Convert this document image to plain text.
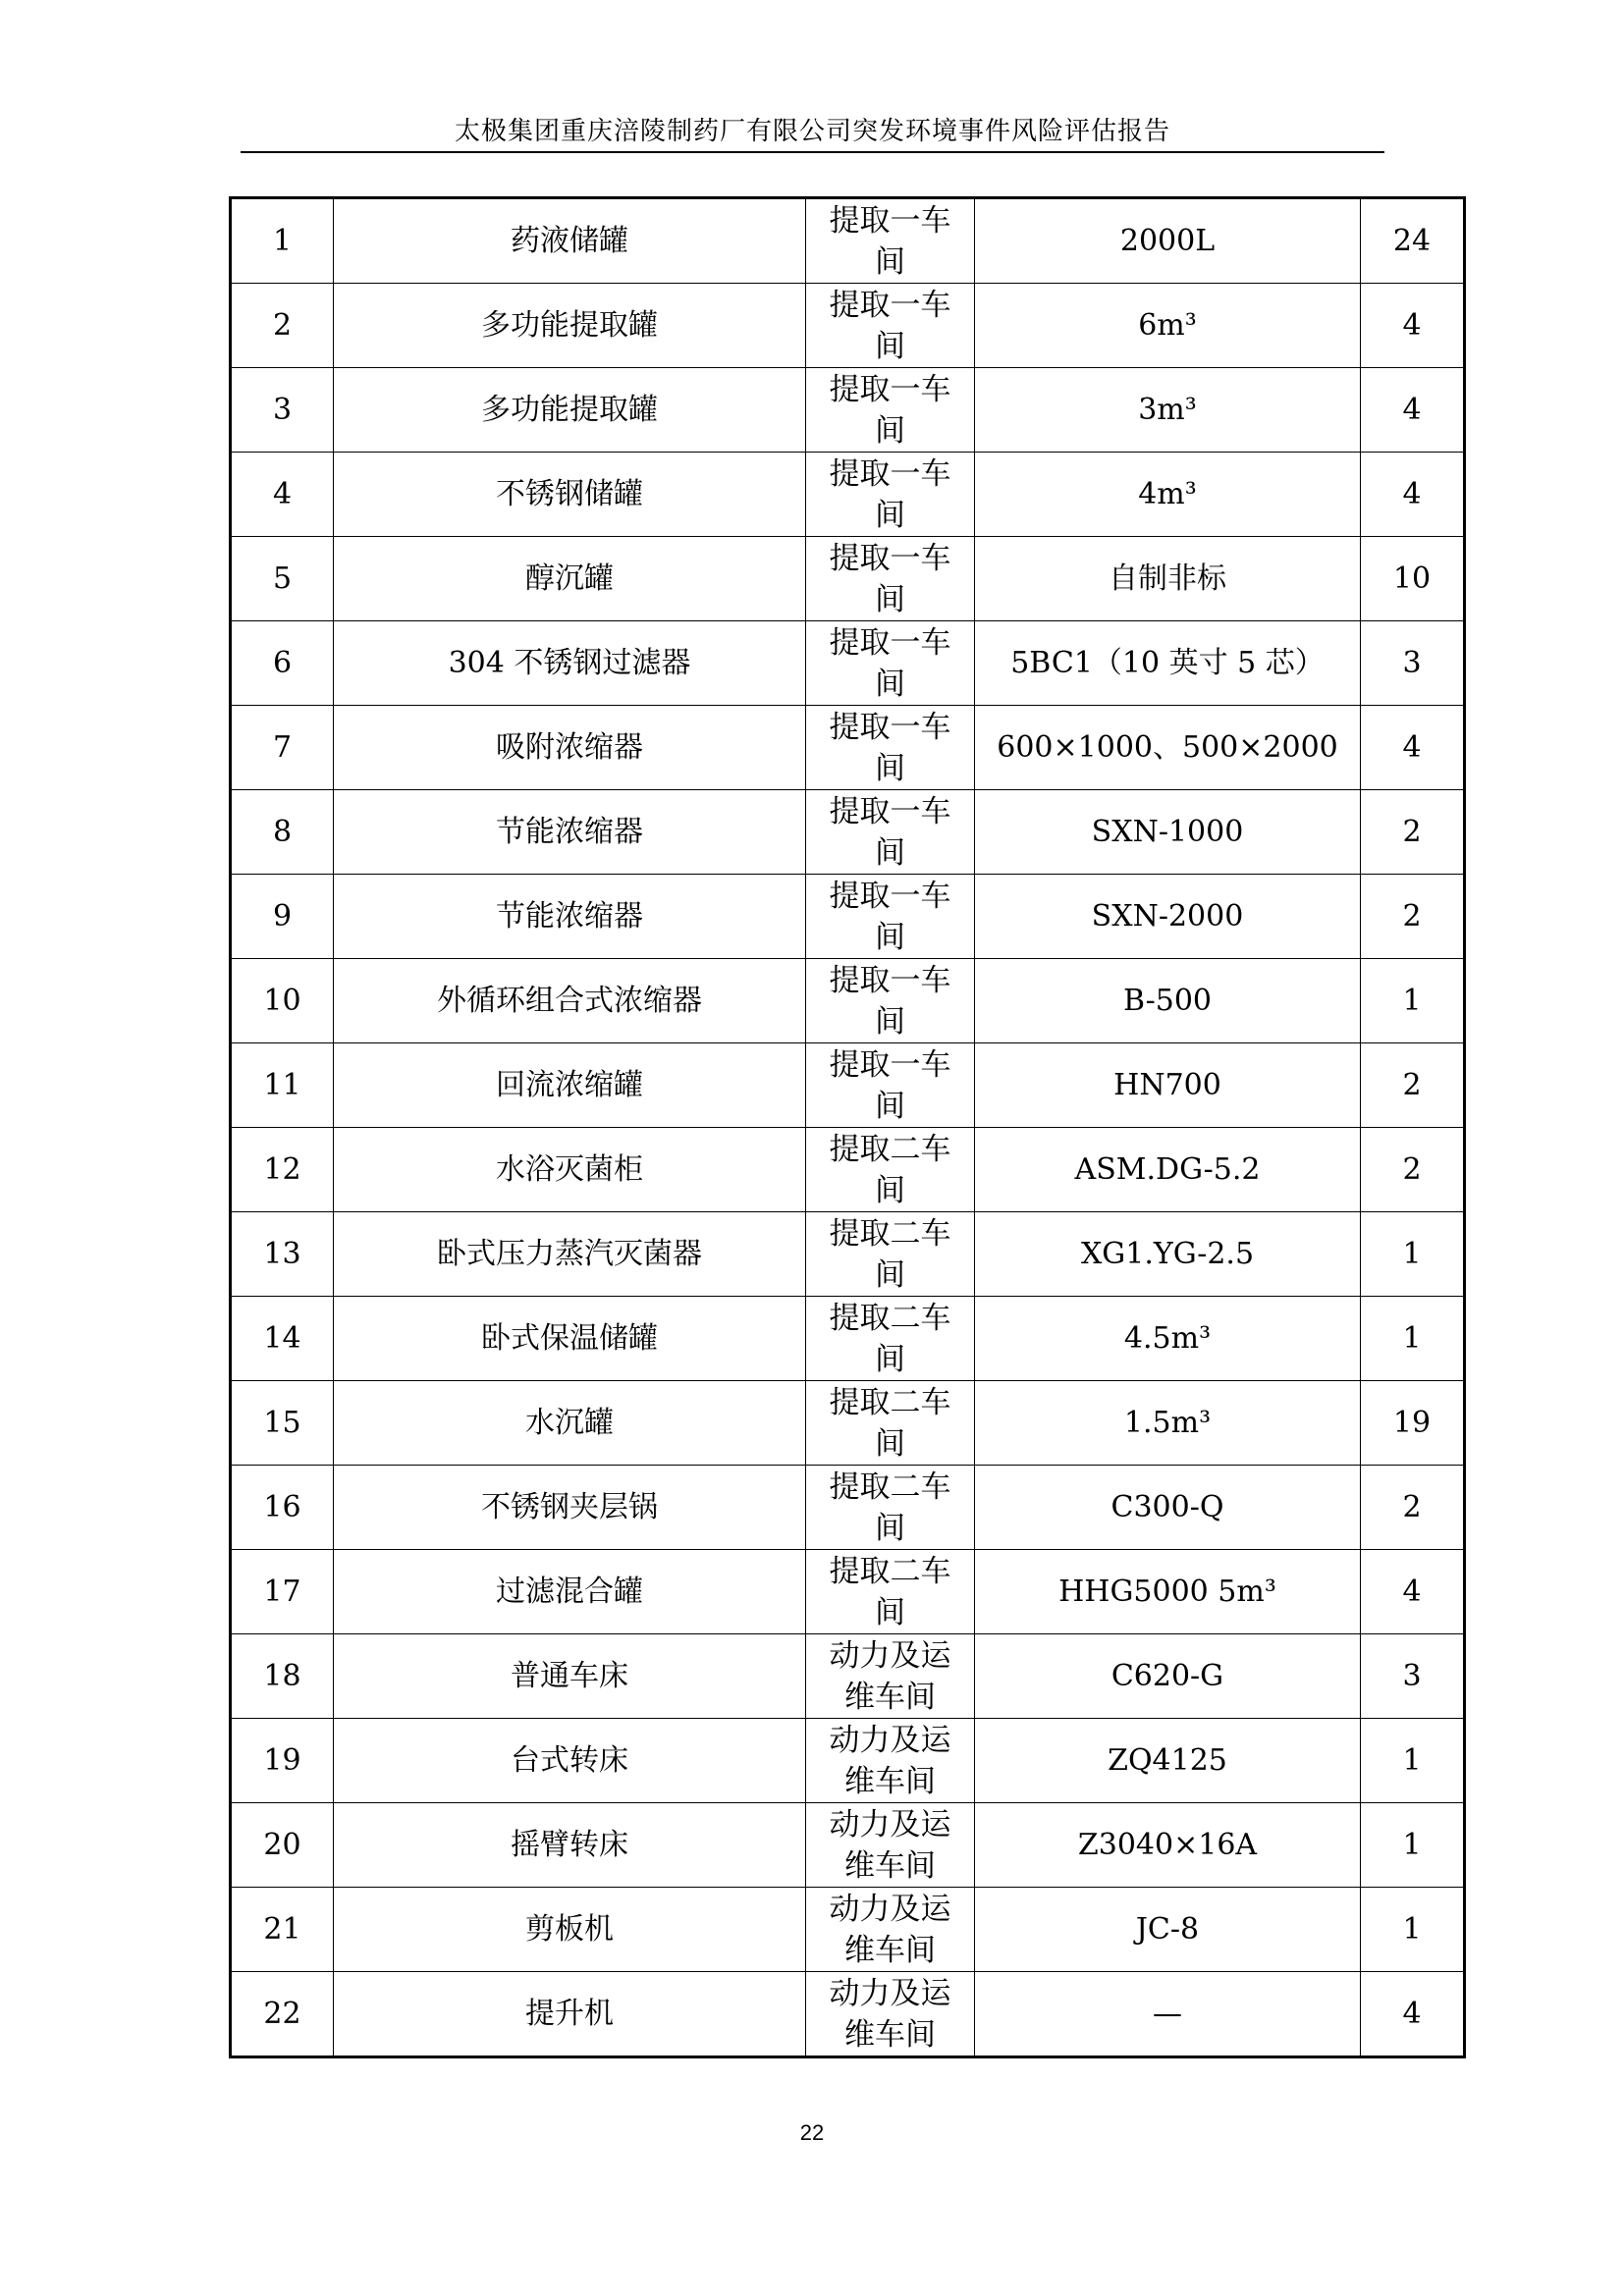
太极集团重庆涪陵制药厂有限公司突发环境事件风险评估报告
1	药液储罐	提取一车间	2000L	24
2	多功能提取罐	提取一车间	6m³	4
3	多功能提取罐	提取一车间	3m³	4
4	不锈钢储罐	提取一车间	4m³	4
5	醇沉罐	提取一车间	自制非标	10
6	304 不锈钢过滤器	提取一车间	5BC1（10 英寸 5 芯）	3
7	吸附浓缩器	提取一车间	600×1000、500×2000	4
8	节能浓缩器	提取一车间	SXN-1000	2
9	节能浓缩器	提取一车间	SXN-2000	2
10	外循环组合式浓缩器	提取一车间	B-500	1
11	回流浓缩罐	提取一车间	HN700	2
12	水浴灭菌柜	提取二车间	ASM.DG-5.2	2
13	卧式压力蒸汽灭菌器	提取二车间	XG1.YG-2.5	1
14	卧式保温储罐	提取二车间	4.5m³	1
15	水沉罐	提取二车间	1.5m³	19
16	不锈钢夹层锅	提取二车间	C300-Q	2
17	过滤混合罐	提取二车间	HHG5000 5m³	4
18	普通车床	动力及运维车间	C620-G	3
19	台式转床	动力及运维车间	ZQ4125	1
20	摇臂转床	动力及运维车间	Z3040×16A	1
21	剪板机	动力及运维车间	JC-8	1
22	提升机	动力及运维车间	—	4
22
